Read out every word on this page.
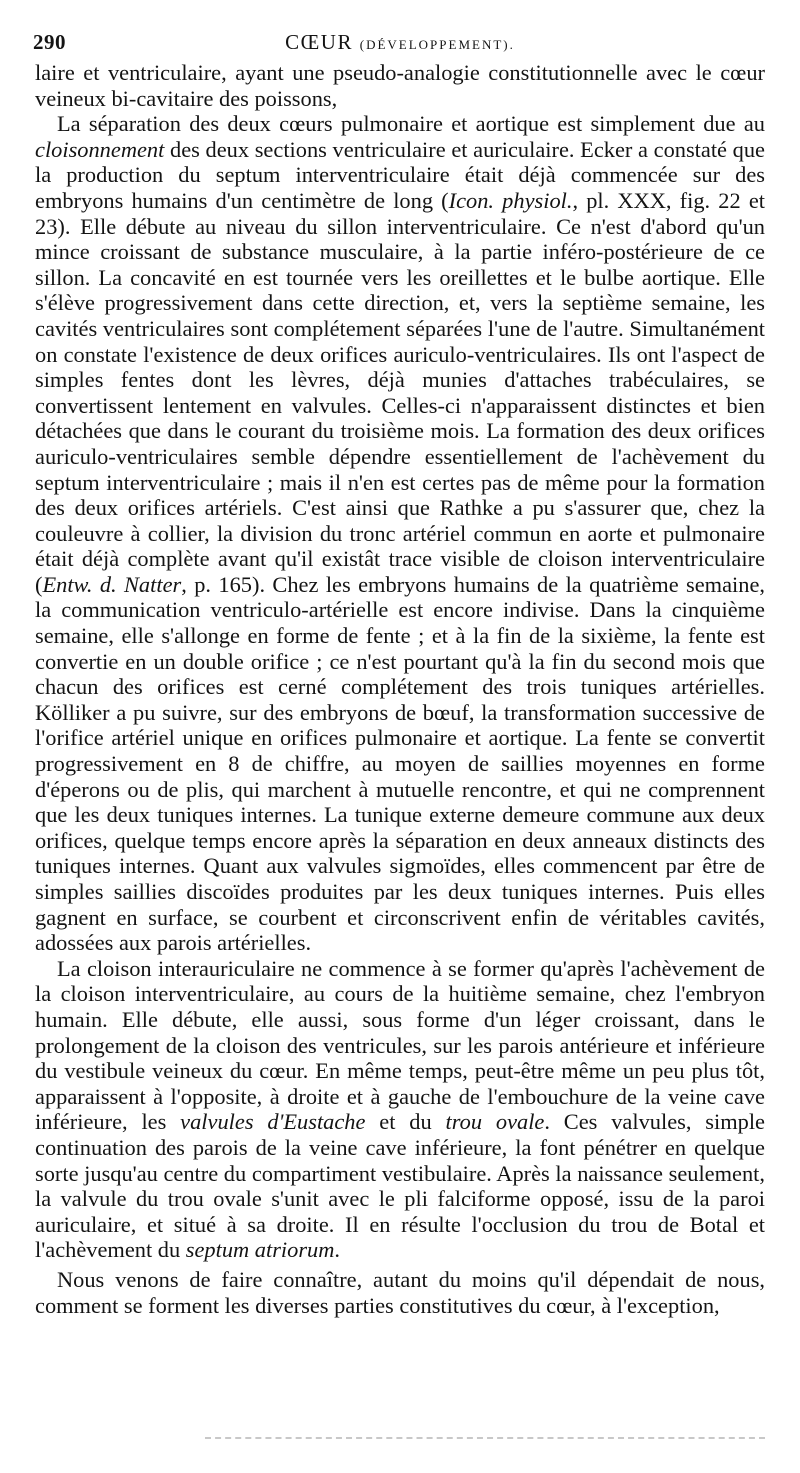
290	CŒUR (DÉVELOPPEMENT).

laire et ventriculaire, ayant une pseudo-analogie constitutionnelle avec le cœur veineux bi-cavitaire des poissons,

La séparation des deux cœurs pulmonaire et aortique est simplement due au cloisonnement des deux sections ventriculaire et auriculaire. Ecker a constaté que la production du septum interventriculaire était déjà commencée sur des embryons humains d'un centimètre de long (Icon. physiol., pl. XXX, fig. 22 et 23). Elle débute au niveau du sillon interventriculaire. Ce n'est d'abord qu'un mince croissant de substance musculaire, à la partie inféro-postérieure de ce sillon. La concavité en est tournée vers les oreillettes et le bulbe aortique. Elle s'élève progressivement dans cette direction, et, vers la septième semaine, les cavités ventriculaires sont complétement séparées l'une de l'autre. Simultanément on constate l'existence de deux orifices auriculo-ventriculaires. Ils ont l'aspect de simples fentes dont les lèvres, déjà munies d'attaches trabéculaires, se convertissent lentement en valvules. Celles-ci n'apparaissent distinctes et bien détachées que dans le courant du troisième mois. La formation des deux orifices auriculo-ventriculaires semble dépendre essentiellement de l'achèvement du septum interventriculaire ; mais il n'en est certes pas de même pour la formation des deux orifices artériels. C'est ainsi que Rathke a pu s'assurer que, chez la couleuvre à collier, la division du tronc artériel commun en aorte et pulmonaire était déjà complète avant qu'il existât trace visible de cloison interventriculaire (Entw. d. Natter, p. 165). Chez les embryons humains de la quatrième semaine, la communication ventriculo-artérielle est encore indivise. Dans la cinquième semaine, elle s'allonge en forme de fente ; et à la fin de la sixième, la fente est convertie en un double orifice ; ce n'est pourtant qu'à la fin du second mois que chacun des orifices est cerné complétement des trois tuniques artérielles. Kölliker a pu suivre, sur des embryons de bœuf, la transformation successive de l'orifice artériel unique en orifices pulmonaire et aortique. La fente se convertit progressivement en 8 de chiffre, au moyen de saillies moyennes en forme d'éperons ou de plis, qui marchent à mutuelle rencontre, et qui ne comprennent que les deux tuniques internes. La tunique externe demeure commune aux deux orifices, quelque temps encore après la séparation en deux anneaux distincts des tuniques internes. Quant aux valvules sigmoïdes, elles commencent par être de simples saillies discoïdes produites par les deux tuniques internes. Puis elles gagnent en surface, se courbent et circonscrivent enfin de véritables cavités, adossées aux parois artérielles.

La cloison interauriculaire ne commence à se former qu'après l'achèvement de la cloison interventriculaire, au cours de la huitième semaine, chez l'embryon humain. Elle débute, elle aussi, sous forme d'un léger croissant, dans le prolongement de la cloison des ventricules, sur les parois antérieure et inférieure du vestibule veineux du cœur. En même temps, peut-être même un peu plus tôt, apparaissent à l'opposite, à droite et à gauche de l'embouchure de la veine cave inférieure, les valvules d'Eustache et du trou ovale. Ces valvules, simple continuation des parois de la veine cave inférieure, la font pénétrer en quelque sorte jusqu'au centre du compartiment vestibulaire. Après la naissance seulement, la valvule du trou ovale s'unit avec le pli falciforme opposé, issu de la paroi auriculaire, et situé à sa droite. Il en résulte l'occlusion du trou de Botal et l'achèvement du septum atriorum.

Nous venons de faire connaître, autant du moins qu'il dépendait de nous, comment se forment les diverses parties constitutives du cœur, à l'exception,
